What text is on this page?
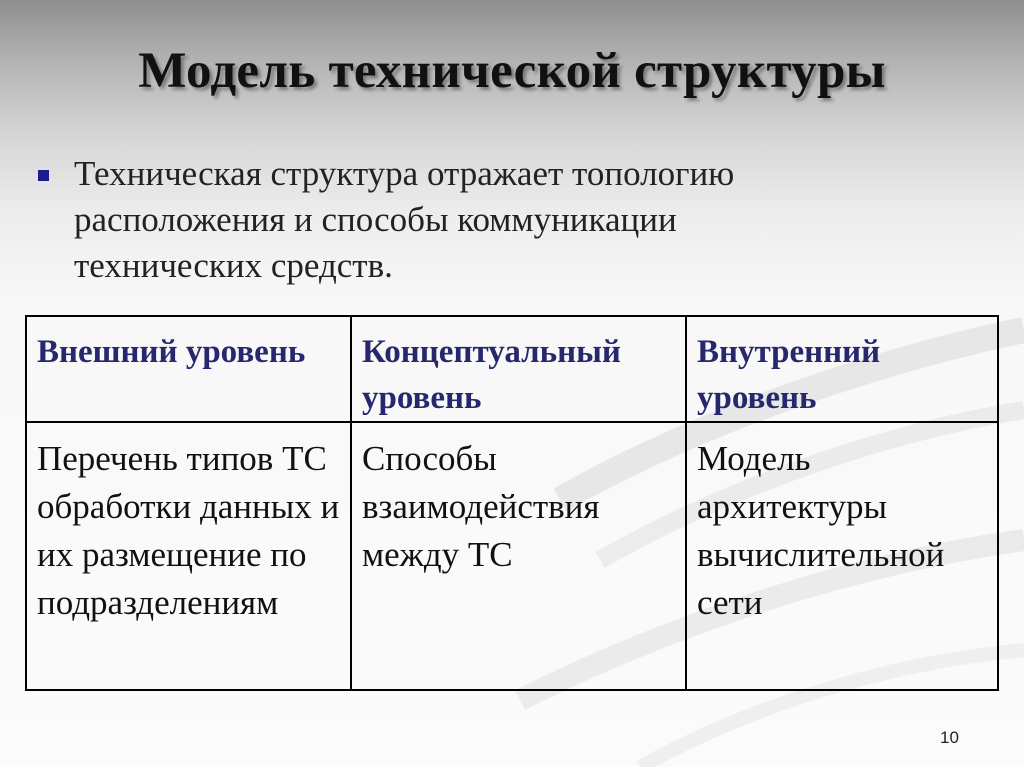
Модель технической структуры
Техническая структура отражает топологию расположения и способы коммуникации технических средств.
Внешний уровень	Концептуальный уровень	Внутренний уровень
Перечень типов ТС обработки данных и их размещение по подразделениям	Способы взаимодействия между ТС	Модель архитектуры вычислительной сети
10
